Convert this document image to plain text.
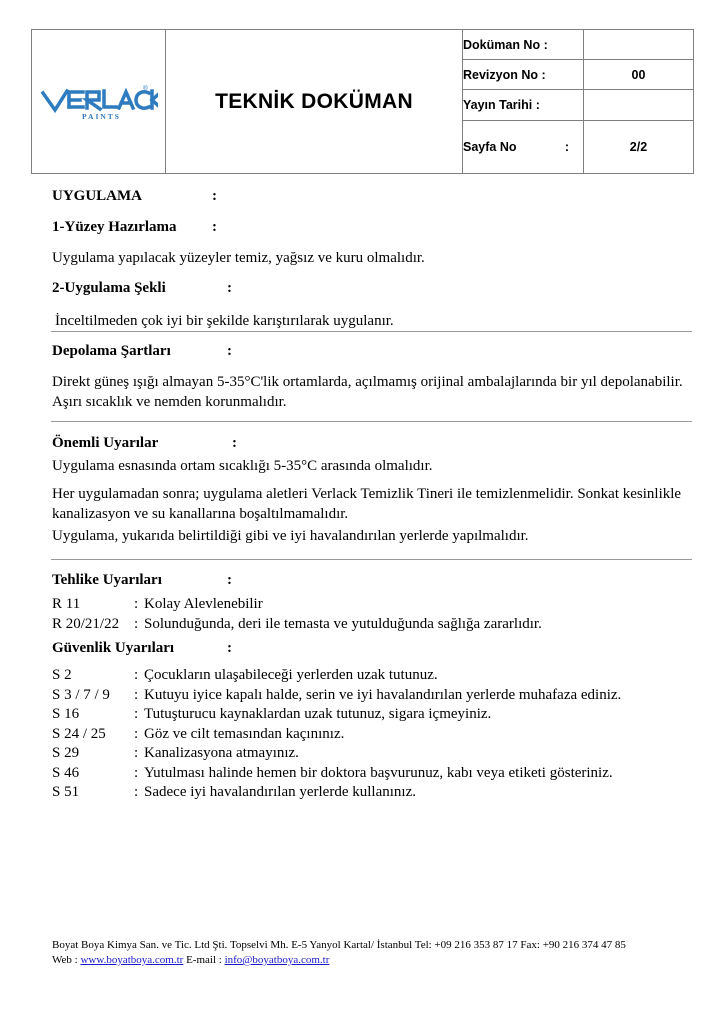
®
PAINTS	TEKNİK DOKÜMAN	Doküman No :	
		Revizyon No :	00
		Yayın Tarihi :	

		Sayfa No :	2/2
UYGULAMA	:
1-Yüzey Hazırlama :
Uygulama yapılacak yüzeyler temiz, yağsız ve kuru olmalıdır.
2-Uygulama Şekli	:
İnceltilmeden çok iyi bir şekilde karıştırılarak uygulanır.
Depolama Şartları	:
Direkt güneş ışığı almayan 5-35°C'lik ortamlarda, açılmamış orijinal ambalajlarında bir yıl depolanabilir. Aşırı sıcaklık ve nemden korunmalıdır.
Önemli Uyarılar	:
Uygulama esnasında ortam sıcaklığı 5-35°C arasında olmalıdır.
Her uygulamadan sonra; uygulama aletleri Verlack Temizlik Tineri ile temizlenmelidir. Sonkat kesinlikle kanalizasyon ve su kanallarına boşaltılmamalıdır.
Uygulama, yukarıda belirtildiği gibi ve iyi havalandırılan yerlerde yapılmalıdır.
Tehlike Uyarıları	:
R 11	: Kolay Alevlenebilir
R 20/21/22 : Solunduğunda, deri ile temasta ve yutulduğunda sağlığa zararlıdır.
Güvenlik Uyarıları	:
S 2	: Çocukların ulaşabileceği yerlerden uzak tutunuz.
S 3 / 7 / 9	: Kutuyu iyice kapalı halde, serin ve iyi havalandırılan yerlerde muhafaza ediniz.
S 16	: Tutuşturucu kaynaklardan uzak tutunuz, sigara içmeyiniz.
S 24 / 25	: Göz ve cilt temasından kaçınınız.
S 29	: Kanalizasyona atmayınız.
S 46	: Yutulması halinde hemen bir doktora başvurunuz, kabı veya etiketi gösteriniz.
S 51	: Sadece iyi havalandırılan yerlerde kullanınız.
Boyat Boya Kimya San. ve Tic. Ltd Şti. Topselvi Mh. E-5 Yanyol Kartal/ İstanbul Tel: +09 216 353 87 17 Fax: +90 216 374 47 85
Web : www.boyatboya.com.tr E-mail : info@boyatboya.com.tr
